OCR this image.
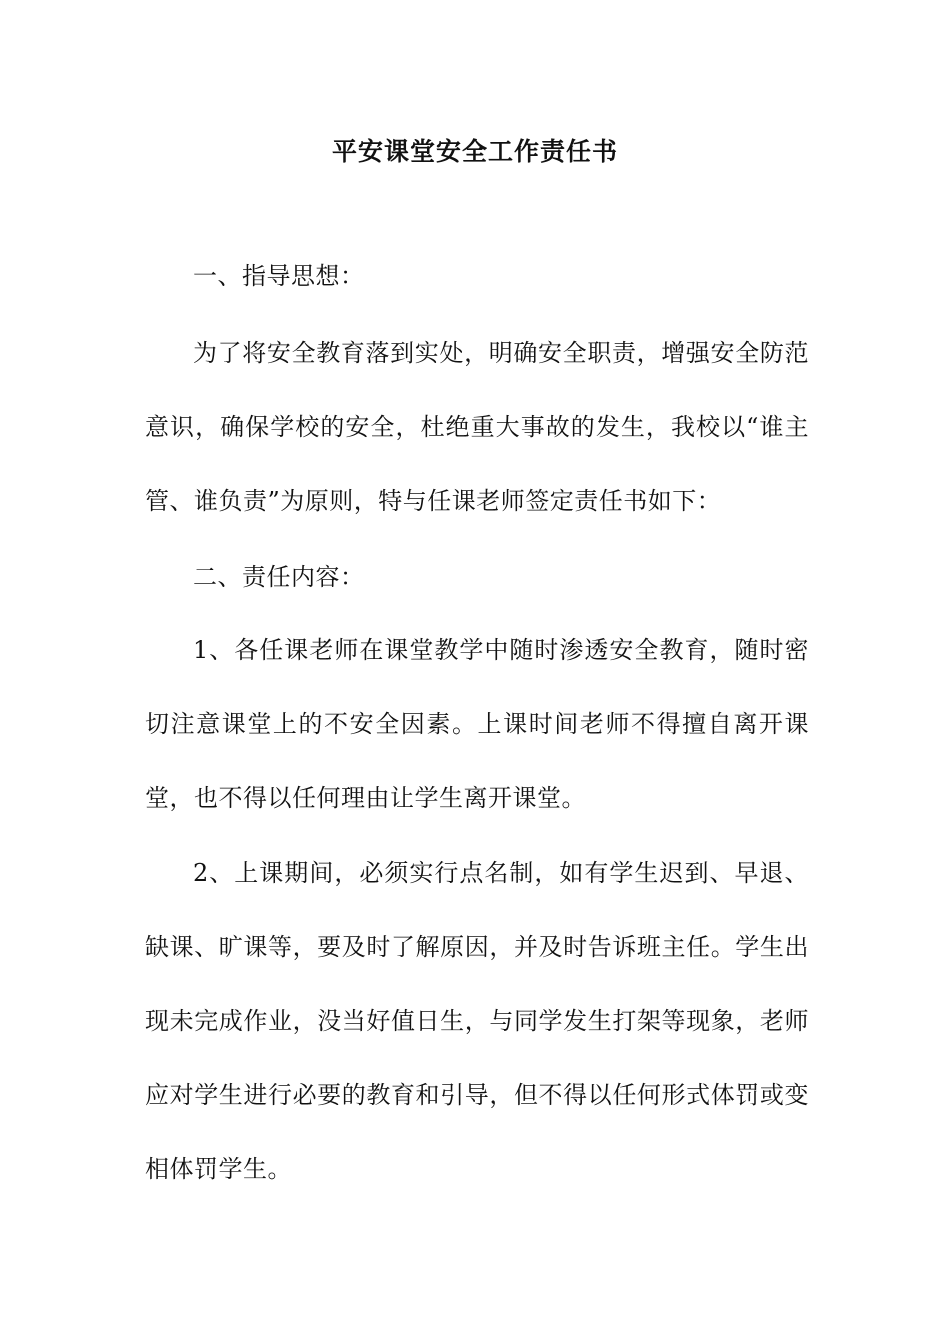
平安课堂安全工作责任书

一、指导思想：

为了将安全教育落到实处，明确安全职责，增强安全防范意识，确保学校的安全，杜绝重大事故的发生，我校以“谁主管、谁负责”为原则，特与任课老师签定责任书如下：

二、责任内容：

1、各任课老师在课堂教学中随时渗透安全教育，随时密切注意课堂上的不安全因素。上课时间老师不得擅自离开课堂，也不得以任何理由让学生离开课堂。

2、上课期间，必须实行点名制，如有学生迟到、早退、缺课、旷课等，要及时了解原因，并及时告诉班主任。学生出现未完成作业，没当好值日生，与同学发生打架等现象，老师应对学生进行必要的教育和引导，但不得以任何形式体罚或变相体罚学生。
